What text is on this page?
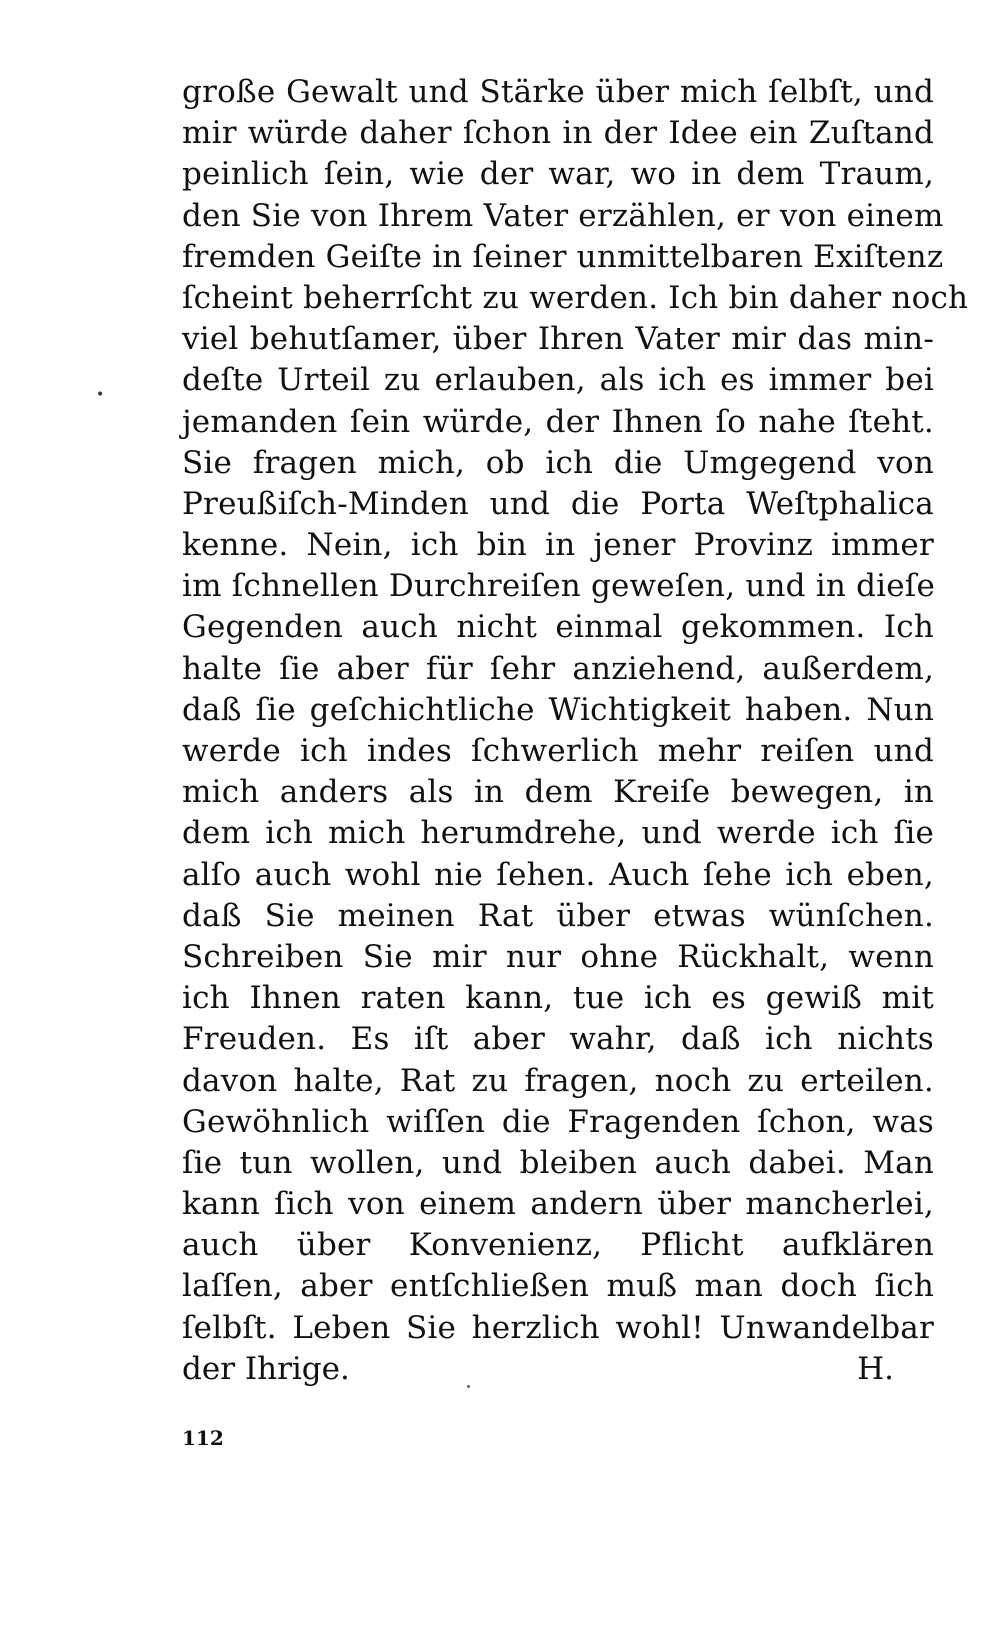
•
große Gewalt und Stärke über mich ſelbſt, und
mir würde daher ſchon in der Idee ein Zuſtand
peinlich ſein, wie der war, wo in dem Traum,
den Sie von Ihrem Vater erzählen, er von einem
fremden Geiſte in ſeiner unmittelbaren Exiſtenz
ſcheint beherrſcht zu werden. Ich bin daher noch
viel behutſamer, über Ihren Vater mir das min-
deſte Urteil zu erlauben, als ich es immer bei
jemanden ſein würde, der Ihnen ſo nahe ſteht.
Sie fragen mich, ob ich die Umgegend von
Preußiſch-Minden und die Porta Weſtphalica
kenne. Nein, ich bin in jener Provinz immer
im ſchnellen Durchreiſen geweſen, und in dieſe
Gegenden auch nicht einmal gekommen. Ich
halte ſie aber für ſehr anziehend, außerdem,
daß ſie geſchichtliche Wichtigkeit haben. Nun
werde ich indes ſchwerlich mehr reiſen und
mich anders als in dem Kreiſe bewegen, in
dem ich mich herumdrehe, und werde ich ſie
alſo auch wohl nie ſehen. Auch ſehe ich eben,
daß Sie meinen Rat über etwas wünſchen.
Schreiben Sie mir nur ohne Rückhalt, wenn
ich Ihnen raten kann, tue ich es gewiß mit
Freuden. Es iſt aber wahr, daß ich nichts
davon halte, Rat zu fragen, noch zu erteilen.
Gewöhnlich wiſſen die Fragenden ſchon, was
ſie tun wollen, und bleiben auch dabei. Man
kann ſich von einem andern über mancherlei,
auch über Konvenienz, Pflicht aufklären
laſſen, aber entſchließen muß man doch ſich
ſelbſt. Leben Sie herzlich wohl! Unwandelbar
der Ihrige.	H.
112
